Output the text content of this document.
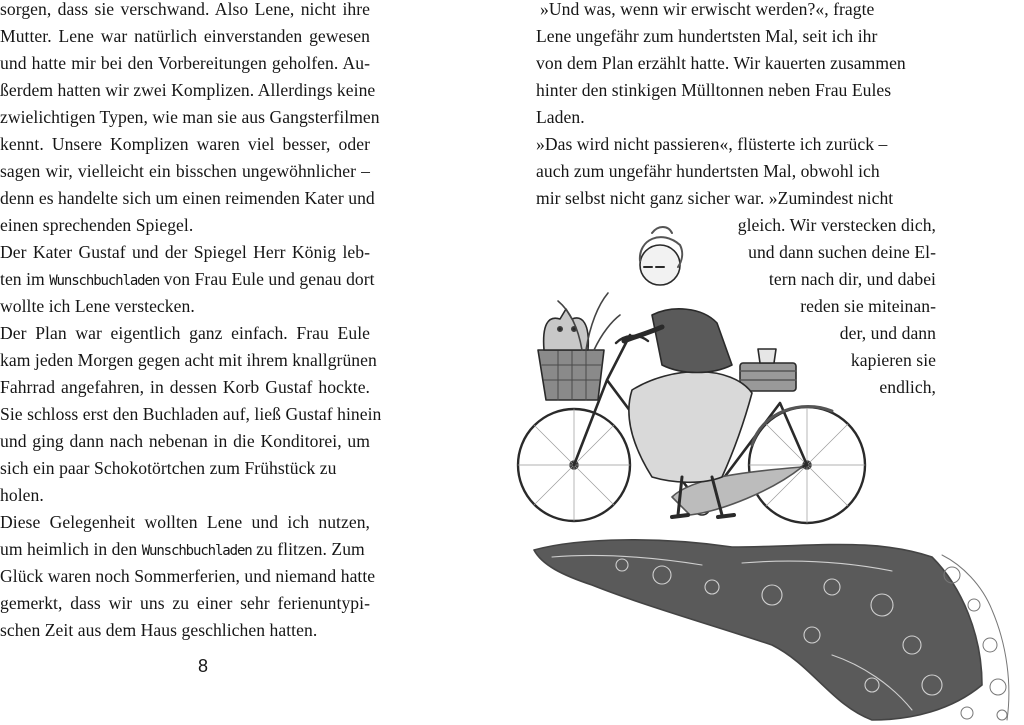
sorgen, dass sie verschwand. Also Lene, nicht ihre
Mutter. Lene war natürlich einverstanden gewesen
und hatte mir bei den Vorbereitungen geholfen. Au-
ßerdem hatten wir zwei Komplizen. Allerdings keine
zwielichtigen Typen, wie man sie aus Gangsterfilmen
kennt. Unsere Komplizen waren viel besser, oder
sagen wir, vielleicht ein bisschen ungewöhnlicher –
denn es handelte sich um einen reimenden Kater und
einen sprechenden Spiegel.
Der Kater Gustaf und der Spiegel Herr König leb-
ten im Wunschbuchladen von Frau Eule und genau dort
wollte ich Lene verstecken.
Der Plan war eigentlich ganz einfach. Frau Eule
kam jeden Morgen gegen acht mit ihrem knallgrünen
Fahrrad angefahren, in dessen Korb Gustaf hockte.
Sie schloss erst den Buchladen auf, ließ Gustaf hinein
und ging dann nach nebenan in die Konditorei, um
sich ein paar Schokotörtchen zum Frühstück zu
holen.
Diese Gelegenheit wollten Lene und ich nutzen,
um heimlich in den Wunschbuchladen zu flitzen. Zum
Glück waren noch Sommerferien, und niemand hatte
gemerkt, dass wir uns zu einer sehr ferienuntypi-
schen Zeit aus dem Haus geschlichen hatten.
8
»Und was, wenn wir erwischt werden?«, fragte
Lene ungefähr zum hundertsten Mal, seit ich ihr
von dem Plan erzählt hatte. Wir kauerten zusammen
hinter den stinkigen Mülltonnen neben Frau Eules
Laden.
»Das wird nicht passieren«, flüsterte ich zurück –
auch zum ungefähr hundertsten Mal, obwohl ich
mir selbst nicht ganz sicher war. »Zumindest nicht
gleich. Wir verstecken dich,
und dann suchen deine El-
tern nach dir, und dabei
reden sie miteinan-
der, und dann
kapieren sie
endlich,
